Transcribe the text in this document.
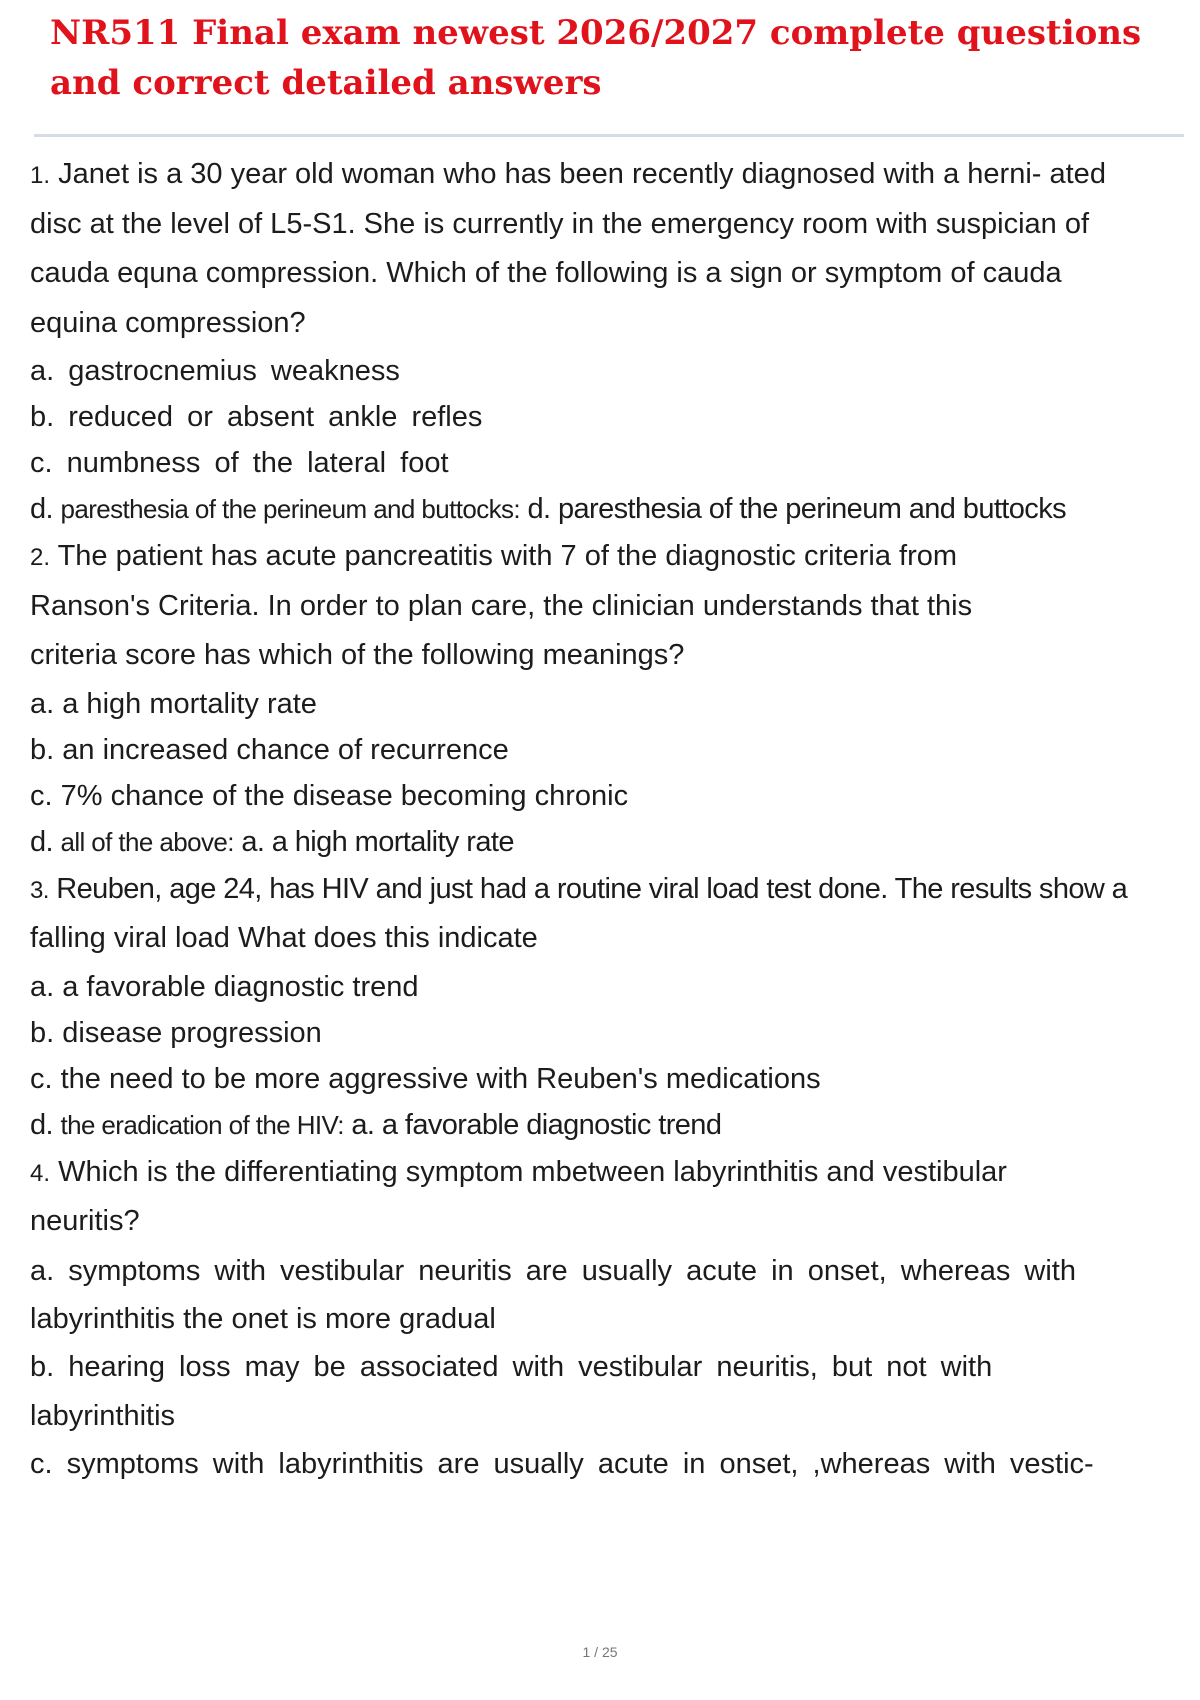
NR511 Final exam newest 2026/2027 complete questions and correct detailed answers
1. Janet is a 30 year old woman who has been recently diagnosed with a herni- ated
disc at the level of L5-S1. She is currently in the emergency room with suspician of
cauda equna compression. Which of the following is a sign or symptom of cauda
equina compression?
a. gastrocnemius weakness
b. reduced or absent ankle refles
c. numbness of the lateral foot
d. paresthesia of the perineum and buttocks: d. paresthesia of the perineum and buttocks
2. The patient has acute pancreatitis with 7 of the diagnostic criteria from
Ranson's Criteria. In order to plan care, the clinician understands that this
criteria score has which of the following meanings?
a. a high mortality rate
b. an increased chance of recurrence
c. 7% chance of the disease becoming chronic
d. all of the above: a. a high mortality rate
3. Reuben, age 24, has HIV and just had a routine viral load test done. The results show a
falling viral load What does this indicate
a. a favorable diagnostic trend
b. disease progression
c. the need to be more aggressive with Reuben's medications
d. the eradication of the HIV: a. a favorable diagnostic trend
4. Which is the differentiating symptom mbetween labyrinthitis and vestibular
neuritis?
a. symptoms with vestibular neuritis are usually acute in onset, whereas with
labyrinthitis the onet is more gradual
b. hearing loss may be associated with vestibular neuritis, but not with
labyrinthitis
c. symptoms with labyrinthitis are usually acute in onset, ,whereas with vestic-
1 / 25
